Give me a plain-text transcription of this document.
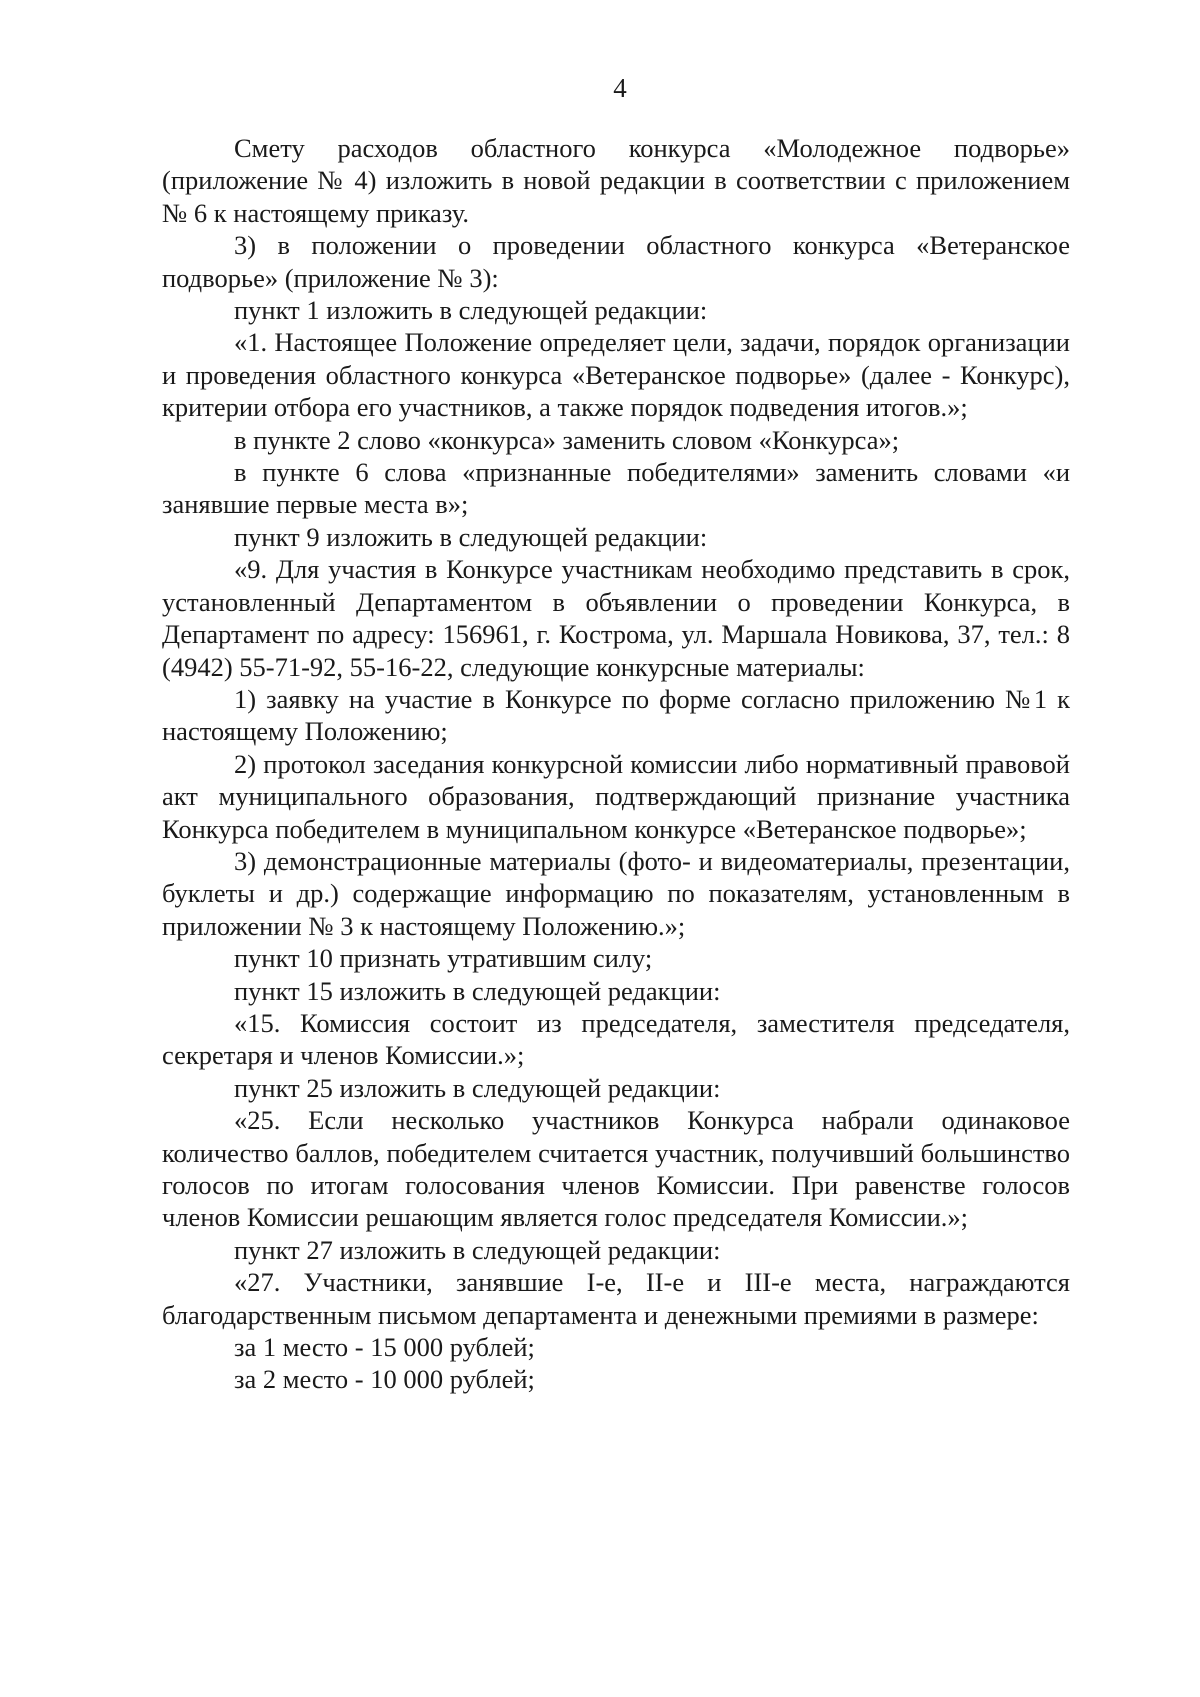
4

Смету расходов областного конкурса «Молодежное подворье» (приложение № 4) изложить в новой редакции в соответствии с приложением № 6 к настоящему приказу.

3) в положении о проведении областного конкурса «Ветеранское подворье» (приложение № 3):

пункт 1 изложить в следующей редакции:

«1. Настоящее Положение определяет цели, задачи, порядок организации и проведения областного конкурса «Ветеранское подворье» (далее - Конкурс), критерии отбора его участников, а также порядок подведения итогов.»;

в пункте 2 слово «конкурса» заменить словом «Конкурса»;

в пункте 6 слова «признанные победителями» заменить словами «и занявшие первые места в»;

пункт 9 изложить в следующей редакции:

«9. Для участия в Конкурсе участникам необходимо представить в срок, установленный Департаментом в объявлении о проведении Конкурса, в Департамент по адресу: 156961, г. Кострома, ул. Маршала Новикова, 37, тел.: 8 (4942) 55-71-92, 55-16-22, следующие конкурсные материалы:

1) заявку на участие в Конкурсе по форме согласно приложению №1 к настоящему Положению;

2) протокол заседания конкурсной комиссии либо нормативный правовой акт муниципального образования, подтверждающий признание участника Конкурса победителем в муниципальном конкурсе «Ветеранское подворье»;

3) демонстрационные материалы (фото- и видеоматериалы, презентации, буклеты и др.) содержащие информацию по показателям, установленным в приложении № 3 к настоящему Положению.»;

пункт 10 признать утратившим силу;

пункт 15 изложить в следующей редакции:

«15. Комиссия состоит из председателя, заместителя председателя, секретаря и членов Комиссии.»;

пункт 25 изложить в следующей редакции:

«25. Если несколько участников Конкурса набрали одинаковое количество баллов, победителем считается участник, получивший большинство голосов по итогам голосования членов Комиссии. При равенстве голосов членов Комиссии решающим является голос председателя Комиссии.»;

пункт 27 изложить в следующей редакции:

«27. Участники, занявшие I-е, II-е и III-е места, награждаются благодарственным письмом департамента и денежными премиями в размере:

за 1 место - 15 000 рублей;

за 2 место - 10 000 рублей;
